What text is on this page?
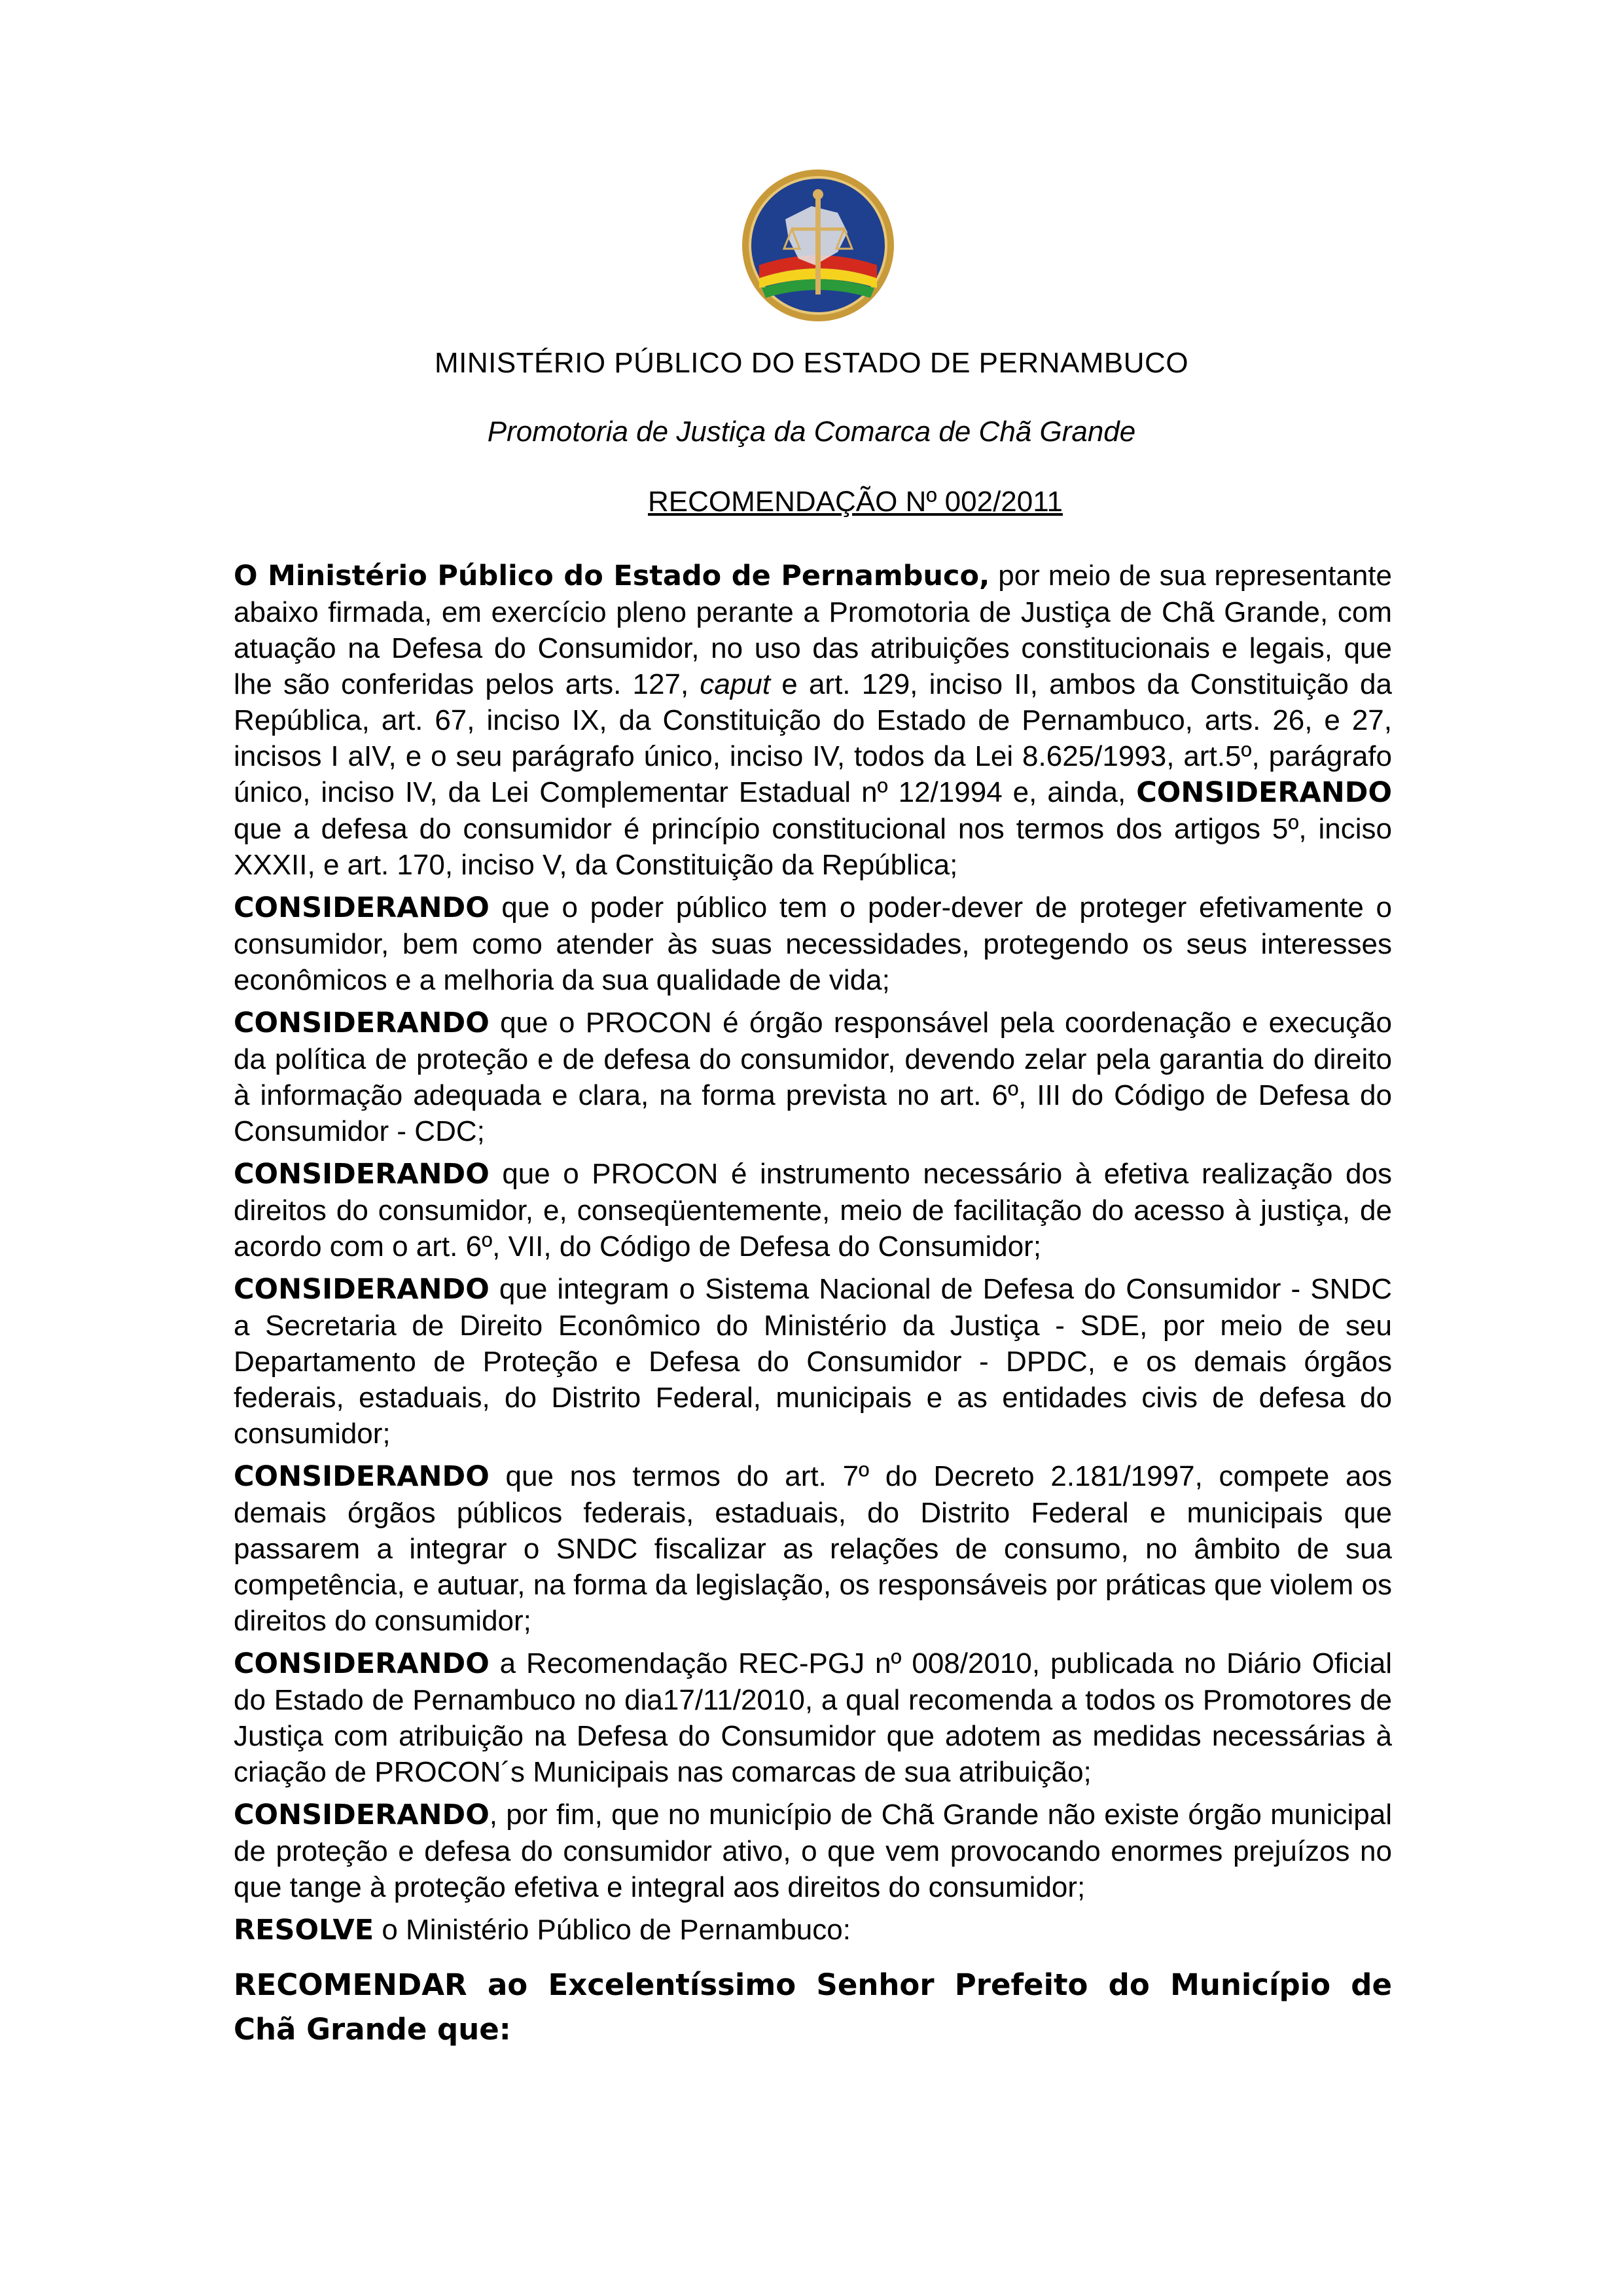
MINISTÉRIO PÚBLICO DO ESTADO DE PERNAMBUCO
Promotoria de Justiça da Comarca de Chã Grande
RECOMENDAÇÃO Nº 002/2011

O Ministério Público do Estado de Pernambuco, por meio de sua representante abaixo firmada, em exercício pleno perante a Promotoria de Justiça de Chã Grande, com atuação na Defesa do Consumidor, no uso das atribuições constitucionais e legais, que lhe são conferidas pelos arts. 127, caput e art. 129, inciso II, ambos da Constituição da República, art. 67, inciso IX, da Constituição do Estado de Pernambuco, arts. 26, e 27, incisos I aIV, e o seu parágrafo único, inciso IV, todos da Lei 8.625/1993, art.5º, parágrafo único, inciso IV, da Lei Complementar Estadual nº 12/1994 e, ainda, CONSIDERANDO que a defesa do consumidor é princípio constitucional nos termos dos artigos 5º, inciso XXXII, e art. 170, inciso V, da Constituição da República;

CONSIDERANDO que o poder público tem o poder-dever de proteger efetivamente o consumidor, bem como atender às suas necessidades, protegendo os seus interesses econômicos e a melhoria da sua qualidade de vida;

CONSIDERANDO que o PROCON é órgão responsável pela coordenação e execução da política de proteção e de defesa do consumidor, devendo zelar pela garantia do direito à informação adequada e clara, na forma prevista no art. 6º, III do Código de Defesa do Consumidor - CDC;

CONSIDERANDO que o PROCON é instrumento necessário à efetiva realização dos direitos do consumidor, e, conseqüentemente, meio de facilitação do acesso à justiça, de acordo com o art. 6º, VII, do Código de Defesa do Consumidor;

CONSIDERANDO que integram o Sistema Nacional de Defesa do Consumidor - SNDC a Secretaria de Direito Econômico do Ministério da Justiça - SDE, por meio de seu Departamento de Proteção e Defesa do Consumidor - DPDC, e os demais órgãos federais, estaduais, do Distrito Federal, municipais e as entidades civis de defesa do consumidor;

CONSIDERANDO que nos termos do art. 7º do Decreto 2.181/1997, compete aos demais órgãos públicos federais, estaduais, do Distrito Federal e municipais que passarem a integrar o SNDC fiscalizar as relações de consumo, no âmbito de sua competência, e autuar, na forma da legislação, os responsáveis por práticas que violem os direitos do consumidor;

CONSIDERANDO a Recomendação REC-PGJ nº 008/2010, publicada no Diário Oficial do Estado de Pernambuco no dia17/11/2010, a qual recomenda a todos os Promotores de Justiça com atribuição na Defesa do Consumidor que adotem as medidas necessárias à criação de PROCON´s Municipais nas comarcas de sua atribuição;

CONSIDERANDO, por fim, que no município de Chã Grande não existe órgão municipal de proteção e defesa do consumidor ativo, o que vem provocando enormes prejuízos no que tange à proteção efetiva e integral aos direitos do consumidor;

RESOLVE o Ministério Público de Pernambuco:

RECOMENDAR ao Excelentíssimo Senhor Prefeito do Município de Chã Grande que:
